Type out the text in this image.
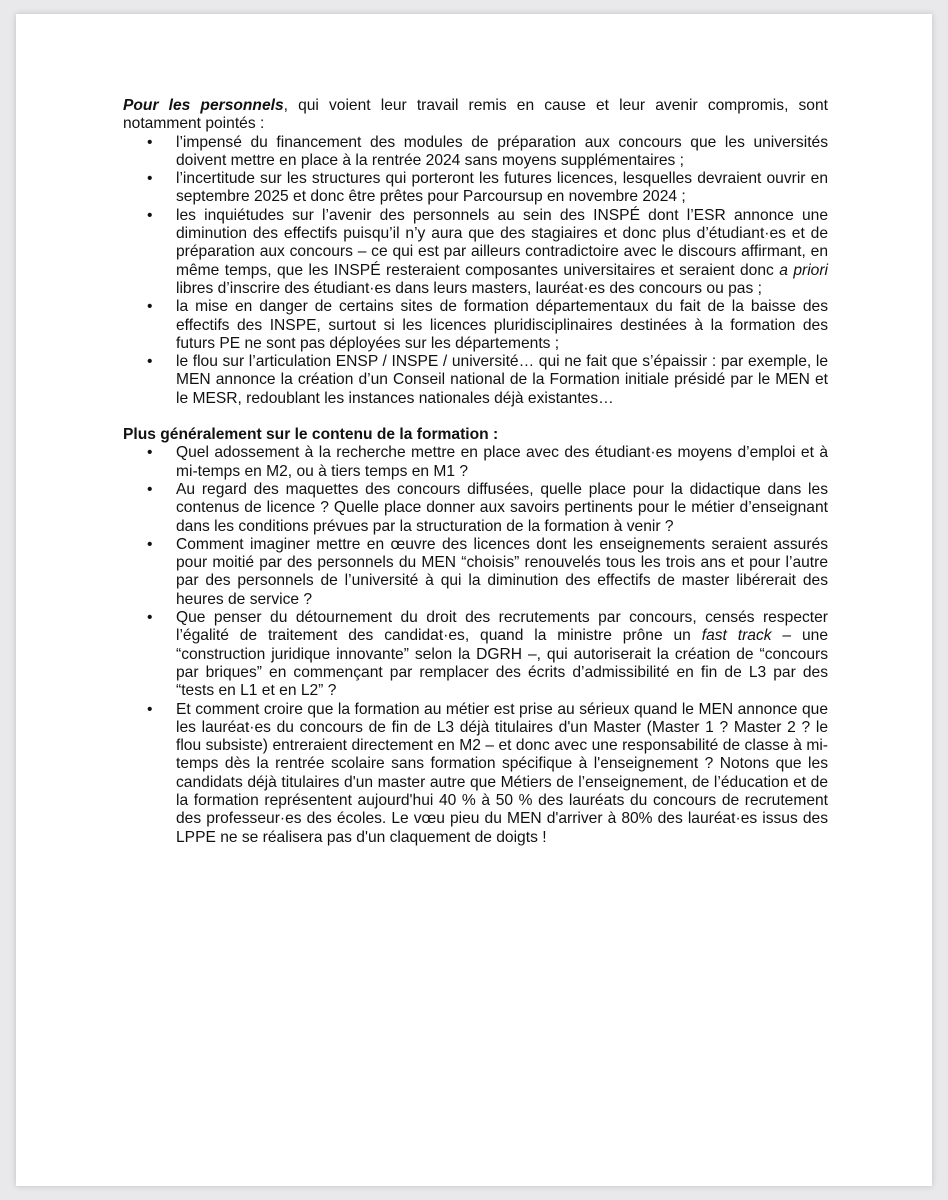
Pour les personnels, qui voient leur travail remis en cause et leur avenir compromis, sont notamment pointés :

• l’impensé du financement des modules de préparation aux concours que les universités doivent mettre en place à la rentrée 2024 sans moyens supplémentaires ;
• l’incertitude sur les structures qui porteront les futures licences, lesquelles devraient ouvrir en septembre 2025 et donc être prêtes pour Parcoursup en novembre 2024 ;
• les inquiétudes sur l’avenir des personnels au sein des INSPÉ dont l’ESR annonce une diminution des effectifs puisqu’il n’y aura que des stagiaires et donc plus d’étudiant·es et de préparation aux concours – ce qui est par ailleurs contradictoire avec le discours affirmant, en même temps, que les INSPÉ resteraient composantes universitaires et seraient donc a priori libres d’inscrire des étudiant·es dans leurs masters, lauréat·es des concours ou pas ;
• la mise en danger de certains sites de formation départementaux du fait de la baisse des effectifs des INSPE, surtout si les licences pluridisciplinaires destinées à la formation des futurs PE ne sont pas déployées sur les départements ;
• le flou sur l’articulation ENSP / INSPE / université… qui ne fait que s’épaissir : par exemple, le MEN annonce la création d’un Conseil national de la Formation initiale présidé par le MEN et le MESR, redoublant les instances nationales déjà existantes…

Plus généralement sur le contenu de la formation :

• Quel adossement à la recherche mettre en place avec des étudiant·es moyens d’emploi et à mi-temps en M2, ou à tiers temps en M1 ?
• Au regard des maquettes des concours diffusées, quelle place pour la didactique dans les contenus de licence ? Quelle place donner aux savoirs pertinents pour le métier d’enseignant dans les conditions prévues par la structuration de la formation à venir ?
• Comment imaginer mettre en œuvre des licences dont les enseignements seraient assurés pour moitié par des personnels du MEN “choisis” renouvelés tous les trois ans et pour l’autre par des personnels de l’université à qui la diminution des effectifs de master libérerait des heures de service ?
• Que penser du détournement du droit des recrutements par concours, censés respecter l’égalité de traitement des candidat·es, quand la ministre prône un fast track – une “construction juridique innovante” selon la DGRH –, qui autoriserait la création de “concours par briques” en commençant par remplacer des écrits d’admissibilité en fin de L3 par des “tests en L1 et en L2” ?
• Et comment croire que la formation au métier est prise au sérieux quand le MEN annonce que les lauréat·es du concours de fin de L3 déjà titulaires d'un Master (Master 1 ? Master 2 ? le flou subsiste) entreraient directement en M2 – et donc avec une responsabilité de classe à mi-temps dès la rentrée scolaire sans formation spécifique à l'enseignement ? Notons que les candidats déjà titulaires d'un master autre que Métiers de l’enseignement, de l’éducation et de la formation représentent aujourd'hui 40 % à 50 % des lauréats du concours de recrutement des professeur·es des écoles. Le vœu pieu du MEN d'arriver à 80% des lauréat·es issus des LPPE ne se réalisera pas d'un claquement de doigts !
